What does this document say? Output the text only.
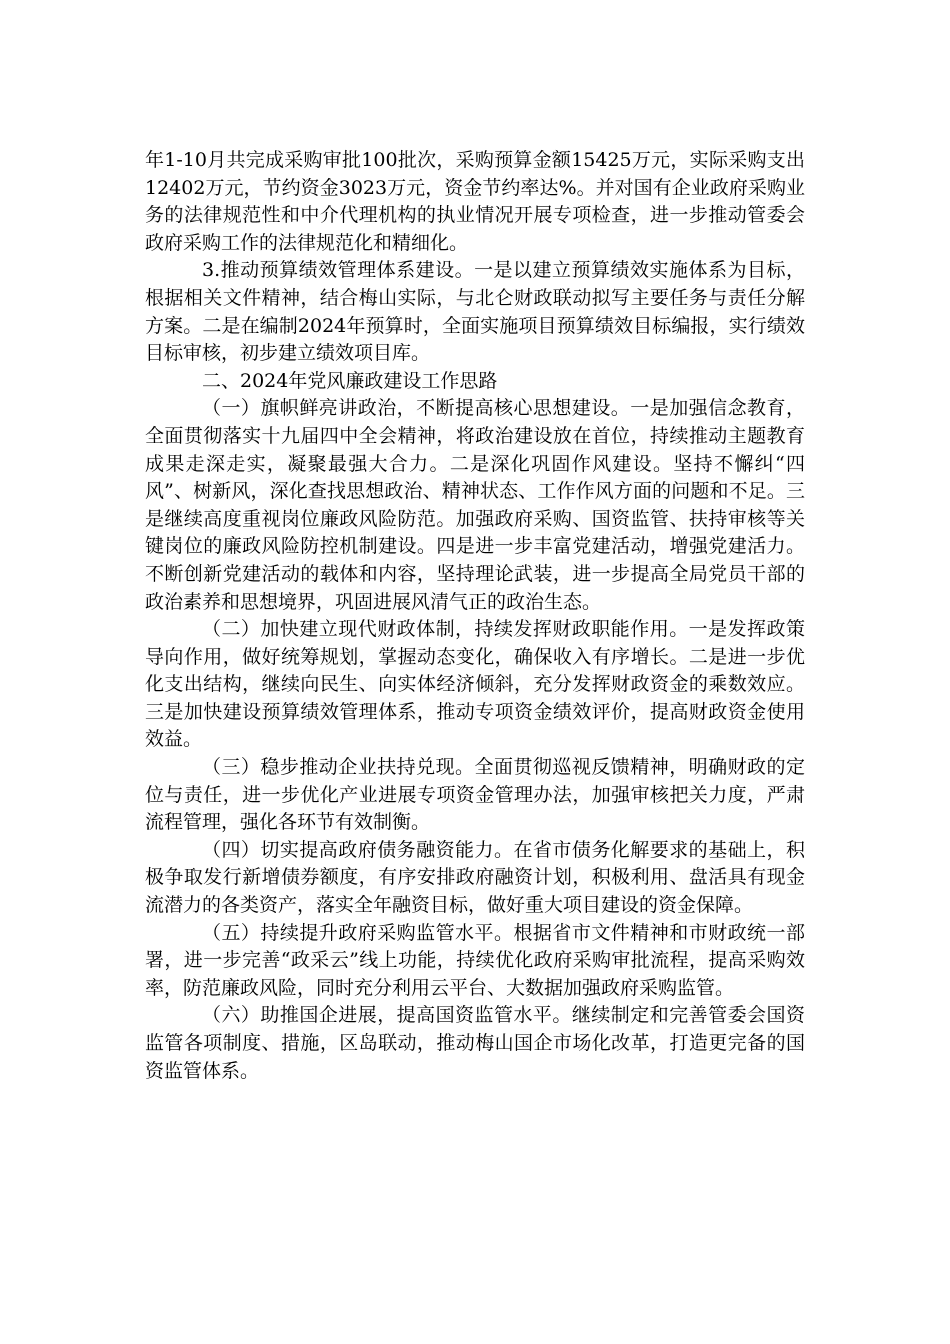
年1-10月共完成采购审批100批次，采购预算金额15425万元，实际采购支出12402万元，节约资金3023万元，资金节约率达%。并对国有企业政府采购业务的法律规范性和中介代理机构的执业情况开展专项检查，进一步推动管委会政府采购工作的法律规范化和精细化。

3.推动预算绩效管理体系建设。一是以建立预算绩效实施体系为目标，根据相关文件精神，结合梅山实际，与北仑财政联动拟写主要任务与责任分解方案。二是在编制2024年预算时，全面实施项目预算绩效目标编报，实行绩效目标审核，初步建立绩效项目库。

二、2024年党风廉政建设工作思路

（一）旗帜鲜亮讲政治，不断提高核心思想建设。一是加强信念教育，全面贯彻落实十九届四中全会精神，将政治建设放在首位，持续推动主题教育成果走深走实，凝聚最强大合力。二是深化巩固作风建设。坚持不懈纠“四风”、树新风，深化查找思想政治、精神状态、工作作风方面的问题和不足。三是继续高度重视岗位廉政风险防范。加强政府采购、国资监管、扶持审核等关键岗位的廉政风险防控机制建设。四是进一步丰富党建活动，增强党建活力。不断创新党建活动的载体和内容，坚持理论武装，进一步提高全局党员干部的政治素养和思想境界，巩固进展风清气正的政治生态。

（二）加快建立现代财政体制，持续发挥财政职能作用。一是发挥政策导向作用，做好统筹规划，掌握动态变化，确保收入有序增长。二是进一步优化支出结构，继续向民生、向实体经济倾斜，充分发挥财政资金的乘数效应。三是加快建设预算绩效管理体系，推动专项资金绩效评价，提高财政资金使用效益。

（三）稳步推动企业扶持兑现。全面贯彻巡视反馈精神，明确财政的定位与责任，进一步优化产业进展专项资金管理办法，加强审核把关力度，严肃流程管理，强化各环节有效制衡。

（四）切实提高政府债务融资能力。在省市债务化解要求的基础上，积极争取发行新增债券额度，有序安排政府融资计划，积极利用、盘活具有现金流潜力的各类资产，落实全年融资目标，做好重大项目建设的资金保障。

（五）持续提升政府采购监管水平。根据省市文件精神和市财政统一部署，进一步完善“政采云”线上功能，持续优化政府采购审批流程，提高采购效率，防范廉政风险，同时充分利用云平台、大数据加强政府采购监管。

（六）助推国企进展，提高国资监管水平。继续制定和完善管委会国资监管各项制度、措施，区岛联动，推动梅山国企市场化改革，打造更完备的国资监管体系。
